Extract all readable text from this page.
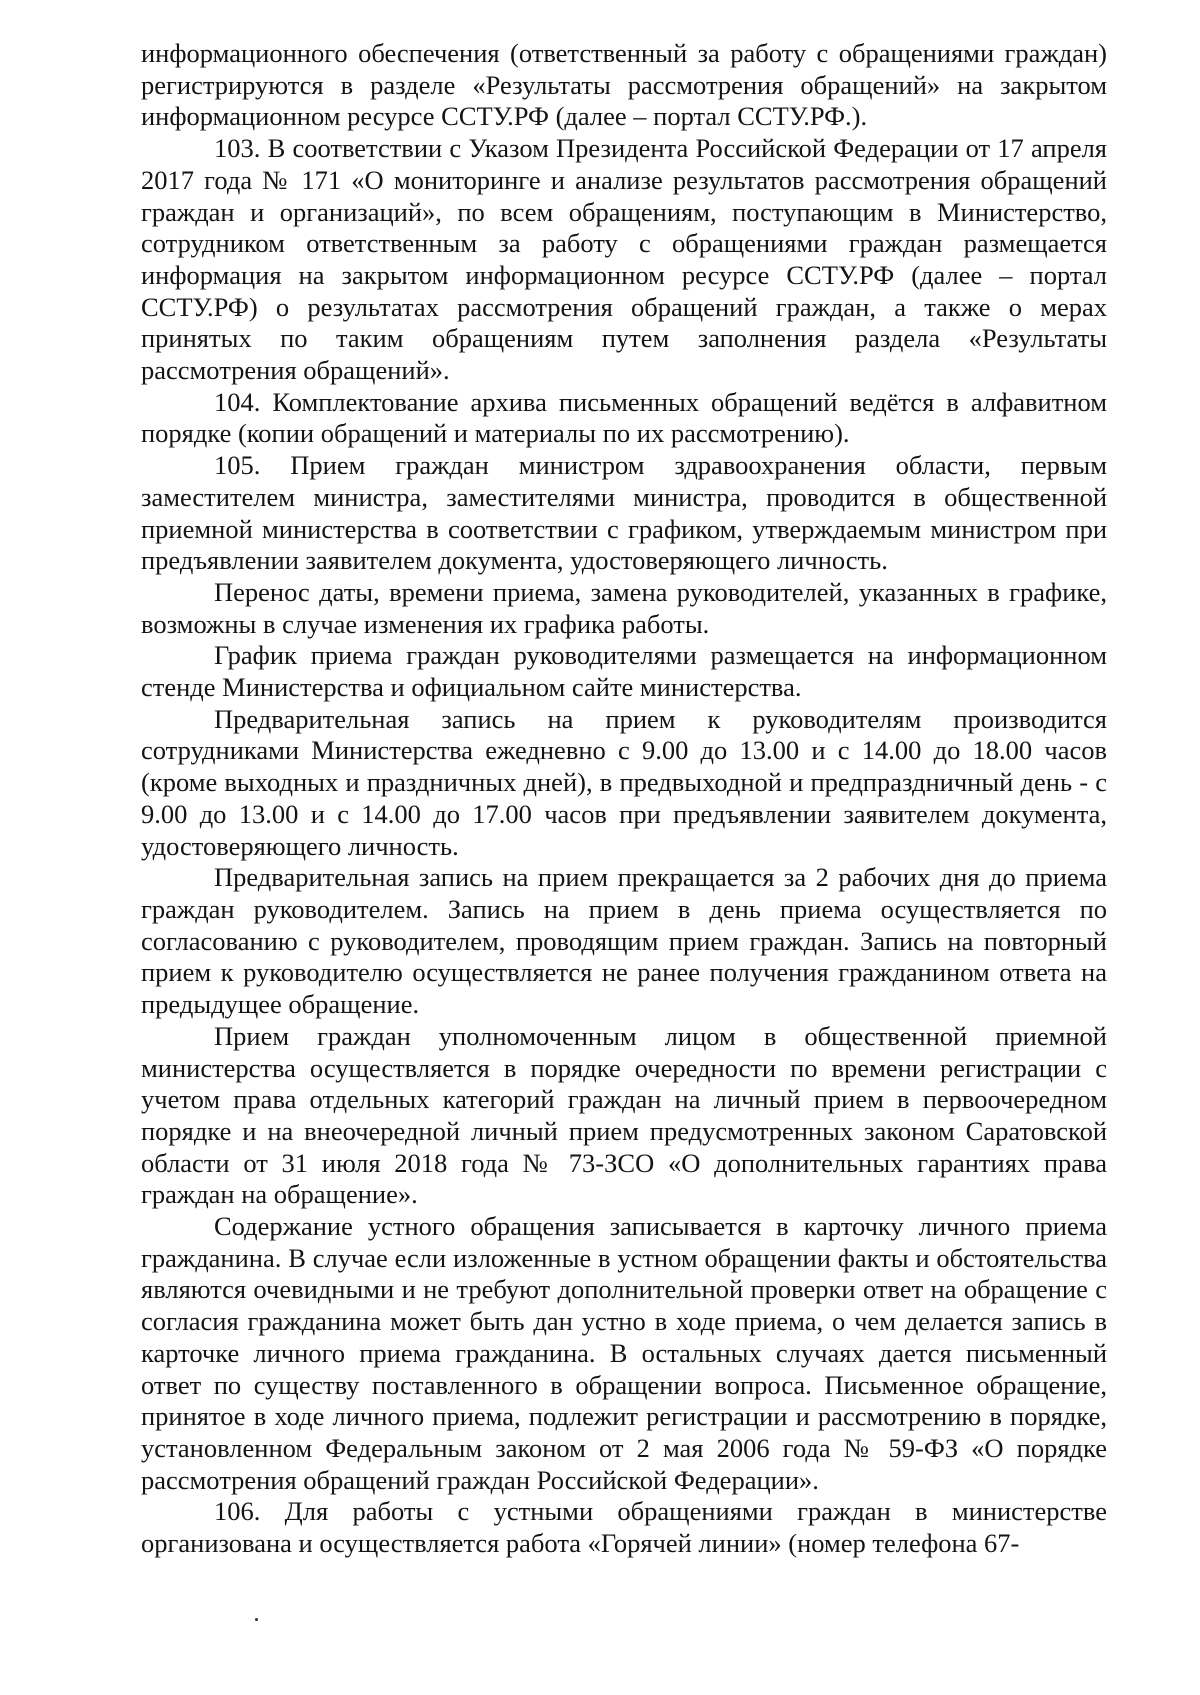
информационного обеспечения (ответственный за работу с обращениями граждан) регистрируются в разделе «Результаты рассмотрения обращений» на закрытом информационном ресурсе ССТУ.РФ (далее – портал ССТУ.РФ.).

103. В соответствии с Указом Президента Российской Федерации от 17 апреля 2017 года № 171 «О мониторинге и анализе результатов рассмотрения обращений граждан и организаций», по всем обращениям, поступающим в Министерство, сотрудником ответственным за работу с обращениями граждан размещается информация на закрытом информационном ресурсе ССТУ.РФ (далее – портал ССТУ.РФ) о результатах рассмотрения обращений граждан, а также о мерах принятых по таким обращениям путем заполнения раздела «Результаты рассмотрения обращений».

104. Комплектование архива письменных обращений ведётся в алфавитном порядке (копии обращений и материалы по их рассмотрению).

105. Прием граждан министром здравоохранения области, первым заместителем министра, заместителями министра, проводится в общественной приемной министерства в соответствии с графиком, утверждаемым министром при предъявлении заявителем документа, удостоверяющего личность.

Перенос даты, времени приема, замена руководителей, указанных в графике, возможны в случае изменения их графика работы.

График приема граждан руководителями размещается на информационном стенде Министерства и официальном сайте министерства.

Предварительная запись на прием к руководителям производится сотрудниками Министерства ежедневно с 9.00 до 13.00 и с 14.00 до 18.00 часов (кроме выходных и праздничных дней), в предвыходной и предпраздничный день - с 9.00 до 13.00 и с 14.00 до 17.00 часов при предъявлении заявителем документа, удостоверяющего личность.

Предварительная запись на прием прекращается за 2 рабочих дня до приема граждан руководителем. Запись на прием в день приема осуществляется по согласованию с руководителем, проводящим прием граждан. Запись на повторный прием к руководителю осуществляется не ранее получения гражданином ответа на предыдущее обращение.

Прием граждан уполномоченным лицом в общественной приемной министерства осуществляется в порядке очередности по времени регистрации с учетом права отдельных категорий граждан на личный прием в первоочередном порядке и на внеочередной личный прием предусмотренных законом Саратовской области от 31 июля 2018 года № 73-ЗСО «О дополнительных гарантиях права граждан на обращение».

Содержание устного обращения записывается в карточку личного приема гражданина. В случае если изложенные в устном обращении факты и обстоятельства являются очевидными и не требуют дополнительной проверки ответ на обращение с согласия гражданина может быть дан устно в ходе приема, о чем делается запись в карточке личного приема гражданина. В остальных случаях дается письменный ответ по существу поставленного в обращении вопроса. Письменное обращение, принятое в ходе личного приема, подлежит регистрации и рассмотрению в порядке, установленном Федеральным законом от 2 мая 2006 года № 59-ФЗ «О порядке рассмотрения обращений граждан Российской Федерации».

106. Для работы с устными обращениями граждан в министерстве организована и осуществляется работа «Горячей линии» (номер телефона 67-
